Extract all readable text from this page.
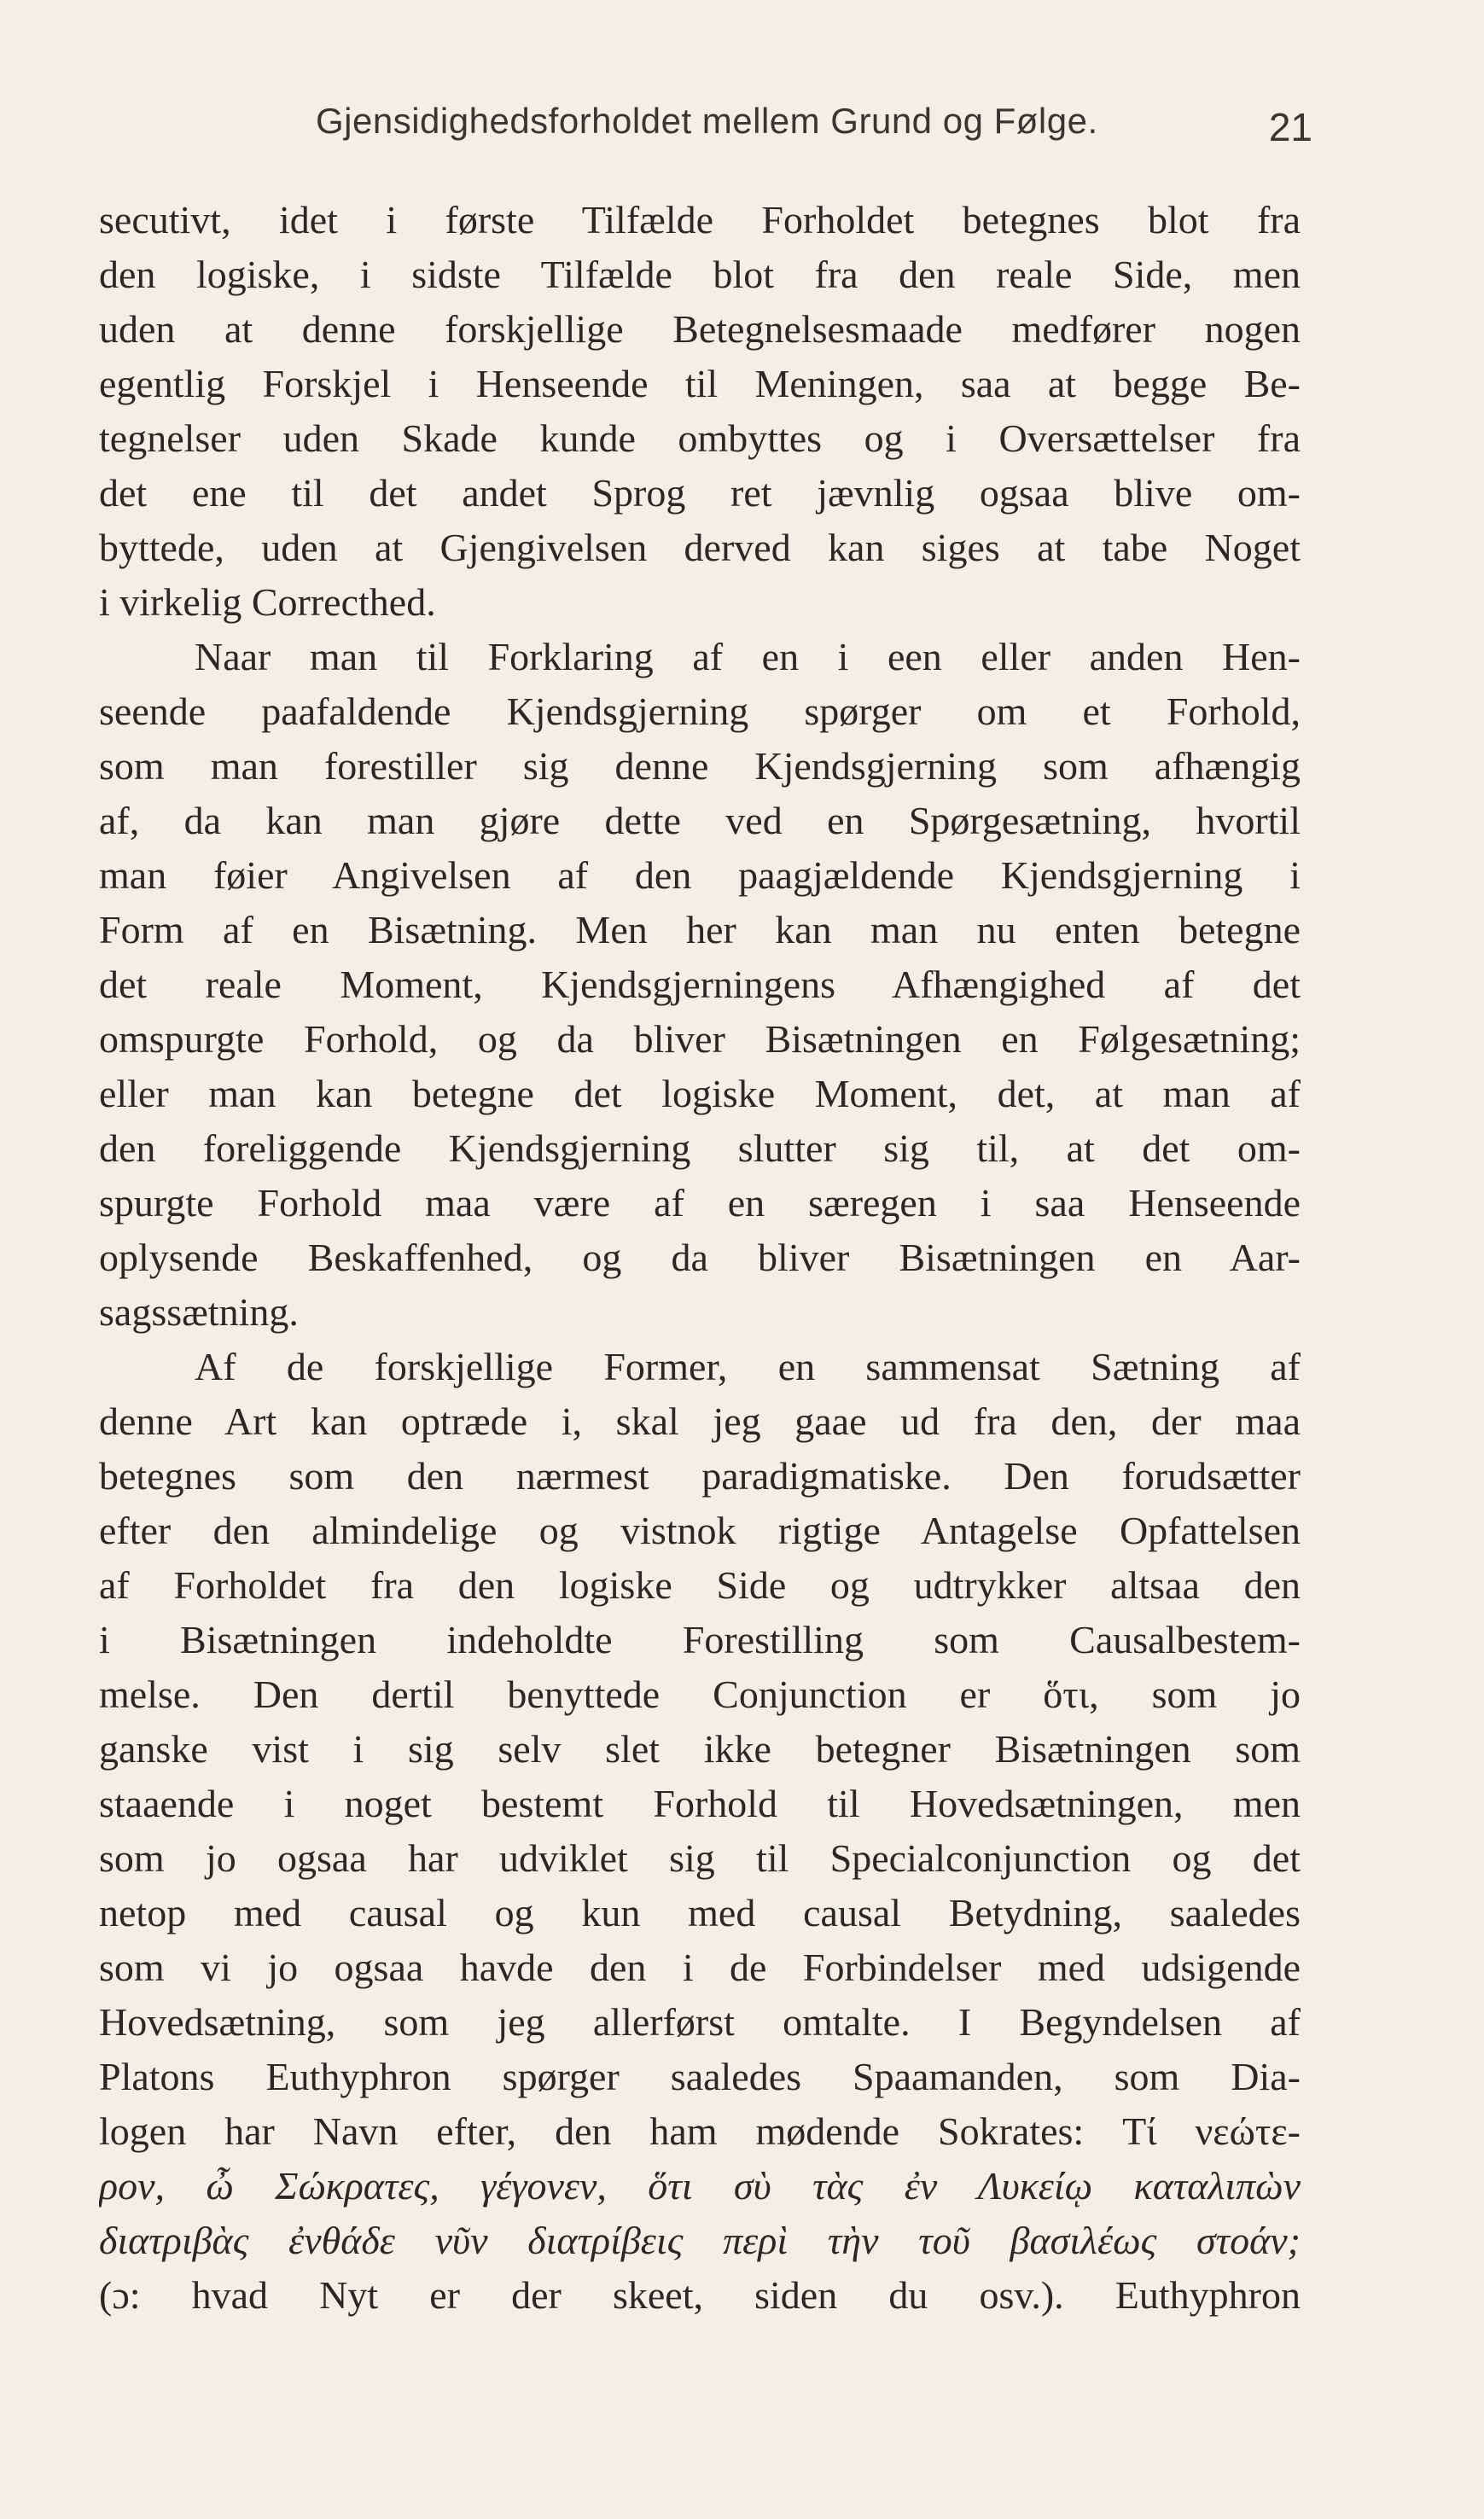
Gjensidighedsforholdet mellem Grund og Følge.	21
secutivt, idet i første Tilfælde Forholdet betegnes blot fra
den logiske, i sidste Tilfælde blot fra den reale Side, men
uden at denne forskjellige Betegnelsesmaade medfører nogen
egentlig Forskjel i Henseende til Meningen, saa at begge Be-
tegnelser uden Skade kunde ombyttes og i Oversættelser fra
det ene til det andet Sprog ret jævnlig ogsaa blive om-
byttede, uden at Gjengivelsen derved kan siges at tabe Noget
i virkelig Correcthed.
Naar man til Forklaring af en i een eller anden Hen-
seende paafaldende Kjendsgjerning spørger om et Forhold,
som man forestiller sig denne Kjendsgjerning som afhængig
af, da kan man gjøre dette ved en Spørgesætning, hvortil
man føier Angivelsen af den paagjældende Kjendsgjerning i
Form af en Bisætning. Men her kan man nu enten betegne
det reale Moment, Kjendsgjerningens Afhængighed af det
omspurgte Forhold, og da bliver Bisætningen en Følgesætning;
eller man kan betegne det logiske Moment, det, at man af
den foreliggende Kjendsgjerning slutter sig til, at det om-
spurgte Forhold maa være af en særegen i saa Henseende
oplysende Beskaffenhed, og da bliver Bisætningen en Aar-
sagssætning.
Af de forskjellige Former, en sammensat Sætning af
denne Art kan optræde i, skal jeg gaae ud fra den, der maa
betegnes som den nærmest paradigmatiske. Den forudsætter
efter den almindelige og vistnok rigtige Antagelse Opfattelsen
af Forholdet fra den logiske Side og udtrykker altsaa den
i Bisætningen indeholdte Forestilling som Causalbestem-
melse. Den dertil benyttede Conjunction er ὅτι, som jo
ganske vist i sig selv slet ikke betegner Bisætningen som
staaende i noget bestemt Forhold til Hovedsætningen, men
som jo ogsaa har udviklet sig til Specialconjunction og det
netop med causal og kun med causal Betydning, saaledes
som vi jo ogsaa havde den i de Forbindelser med udsigende
Hovedsætning, som jeg allerførst omtalte. I Begyndelsen af
Platons Euthyphron spørger saaledes Spaamanden, som Dia-
logen har Navn efter, den ham mødende Sokrates: Τί νεώτε-
ρον, ὦ Σώκρατες, γέγονεν, ὅτι σὺ τὰς ἐν Λυκείῳ καταλιπὼν
διατριβὰς ἐνθάδε νῦν διατρίβεις περὶ τὴν τοῦ βασιλέως στοάν;
(ɔ: hvad Nyt er der skeet, siden du osv.). Euthyphron
